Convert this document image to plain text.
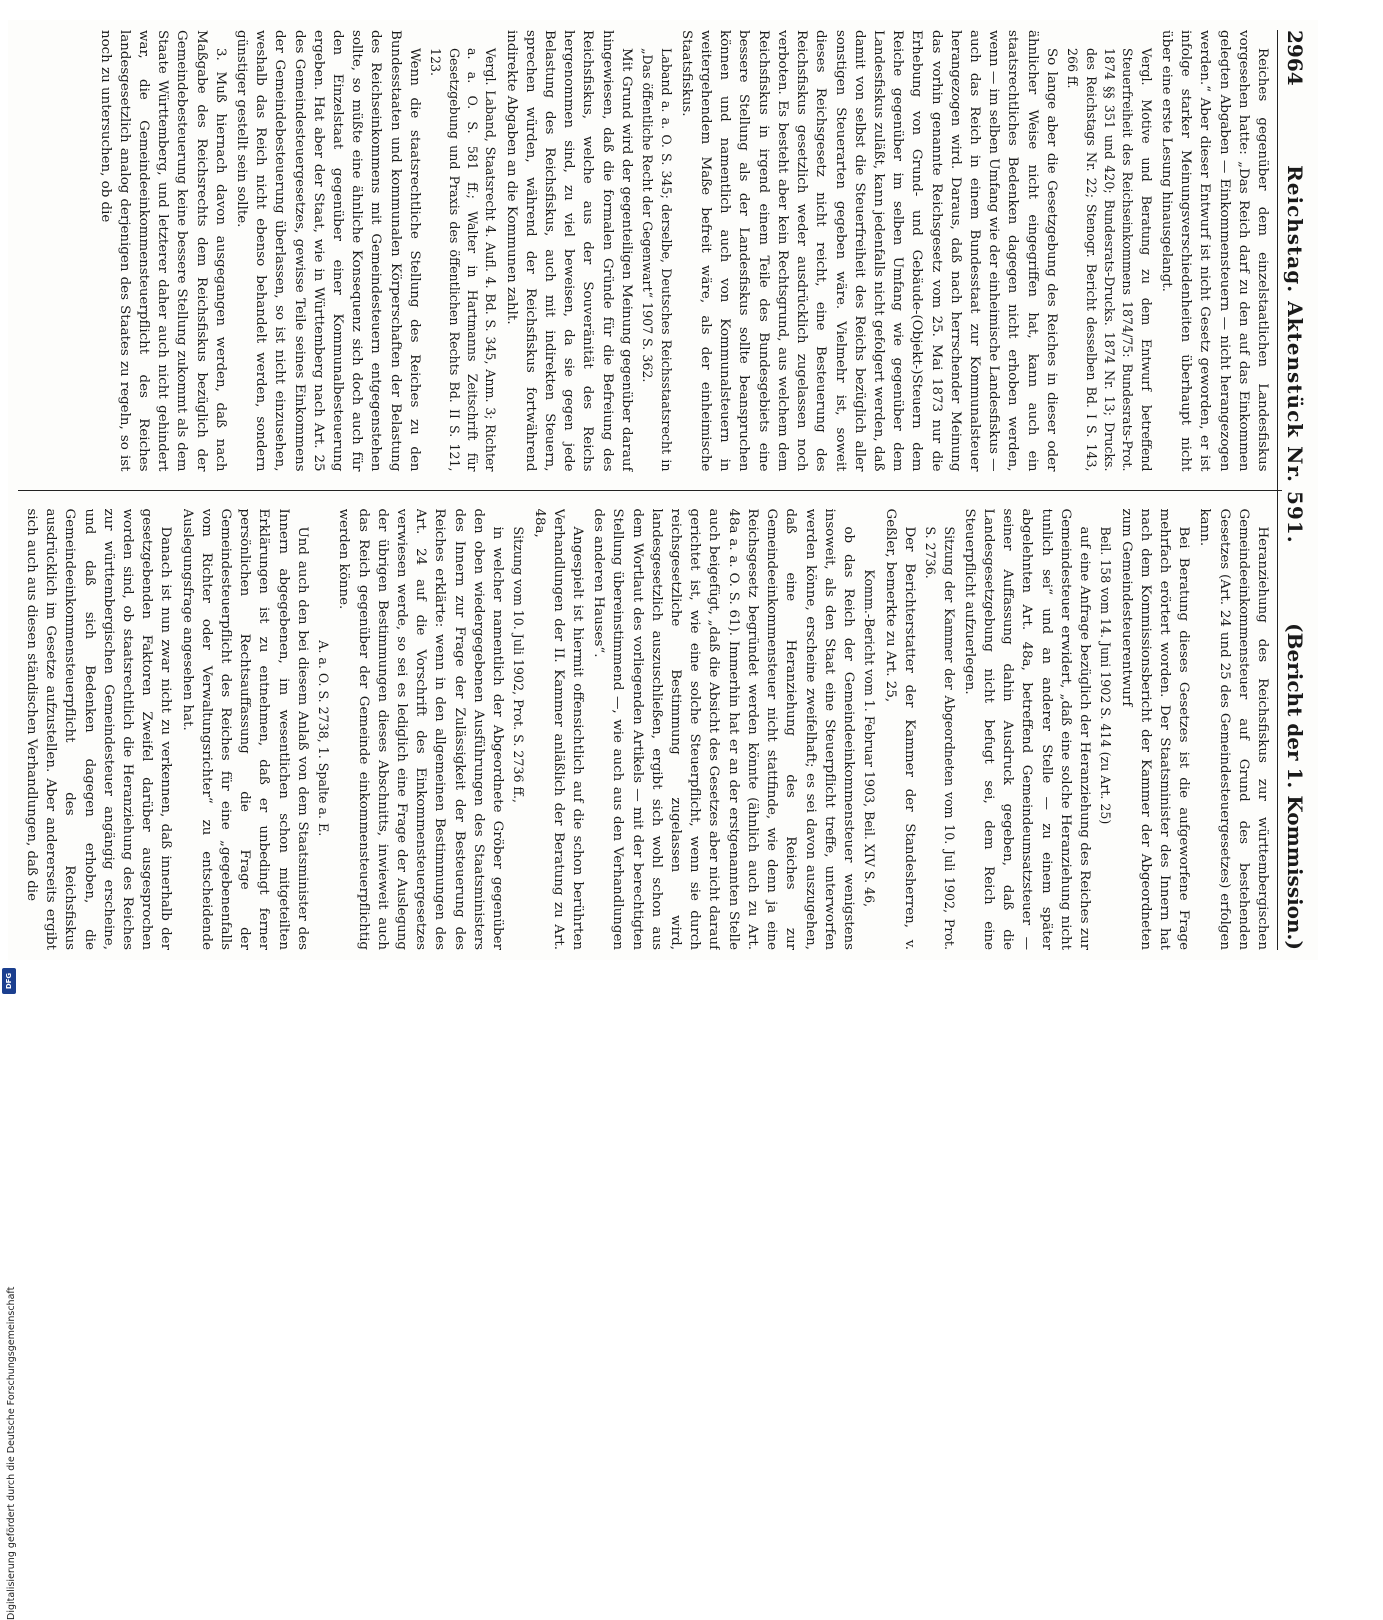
2964
Reichstag. Aktenstück Nr. 591.
(Bericht der 1. Kommission.)

Reiches gegenüber dem einzelstaatlichen Landesfiskus vorgesehen hatte: „Das Reich darf zu den auf das Einkommen gelegten Abgaben — Einkommensteuern — nicht herangezogen werden.“ Aber dieser Entwurf ist nicht Gesetz geworden, er ist infolge starker Meinungsverschiedenheiten überhaupt nicht über eine erste Lesung hinausgelangt.

Vergl. Motive und Beratung zu dem Entwurf betreffend Steuerfreiheit des Reichseinkommens 1874/75: Bundesrats-Prot. 1874 §§ 351 und 420; Bundesrats-Drucks. 1874 Nr. 13; Drucks. des Reichstags Nr. 22; Stenogr. Bericht desselben Bd. I S. 143, 266 ff.

So lange aber die Gesetzgebung des Reiches in dieser oder ähnlicher Weise nicht eingegriffen hat, kann auch ein staatsrechtliches Bedenken dagegen nicht erhoben werden, wenn — im selben Umfang wie der einheimische Landesfiskus — auch das Reich in einem Bundesstaat zur Kommunalsteuer herangezogen wird. Daraus, daß nach herrschender Meinung das vorhin genannte Reichsgesetz vom 25. Mai 1873 nur die Erhebung von Grund- und Gebäude-(Objekt-)Steuern dem Reiche gegenüber im selben Umfang wie gegenüber dem Landesfiskus zuläßt, kann jedenfalls nicht gefolgert werden, daß damit von selbst die Steuerfreiheit des Reichs bezüglich aller sonstigen Steuerarten gegeben wäre. Vielmehr ist, soweit dieses Reichsgesetz nicht reicht, eine Besteuerung des Reichsfiskus gesetzlich weder ausdrücklich zugelassen noch verboten. Es besteht aber kein Rechtsgrund, aus welchem dem Reichsfiskus in irgend einem Teile des Bundesgebiets eine bessere Stellung als der Landesfiskus sollte beanspruchen können und namentlich auch von Kommunalsteuern in weitergehendem Maße befreit wäre, als der einheimische Staatsfiskus.

Laband a. a. O. S. 345; derselbe, Deutsches Reichsstaatsrecht in „Das öffentliche Recht der Gegenwart“ 1907 S. 362.

Mit Grund wird der gegenteiligen Meinung gegenüber darauf hingewiesen, daß die formalen Gründe für die Befreiung des Reichsfiskus, welche aus der Souveränität des Reichs hergenommen sind, zu viel beweisen, da sie gegen jede Belastung des Reichsfiskus, auch mit indirekten Steuern, sprechen würden, während der Reichsfiskus fortwährend indirekte Abgaben an die Kommunen zahlt.

Vergl. Laband, Staatsrecht 4. Aufl. 4. Bd. S. 345, Anm. 3; Richter a. a. O. S. 581 ff.; Walter in Hartmanns Zeitschrift für Gesetzgebung und Praxis des öffentlichen Rechts Bd. II S. 121, 123.

Wenn die staatsrechtliche Stellung des Reiches zu den Bundesstaaten und kommunalen Körperschaften der Belastung des Reichseinkommens mit Gemeindesteuern entgegenstehen sollte, so müßte eine ähnliche Konsequenz sich doch auch für den Einzelstaat gegenüber einer Kommunalbesteuerung ergeben. Hat aber der Staat, wie in Württemberg nach Art. 25 des Gemeindesteuergesetzes, gewisse Teile seines Einkommens der Gemeindebesteuerung überlassen, so ist nicht einzusehen, weshalb das Reich nicht ebenso behandelt werden, sondern günstiger gestellt sein sollte.

3. Muß hiernach davon ausgegangen werden, daß nach Maßgabe des Reichsrechts dem Reichsfiskus bezüglich der Gemeindebesteuerung keine bessere Stellung zukommt als dem Staate Württemberg, und letzterer daher auch nicht gehindert war, die Gemeindeeinkommensteuerpflicht des Reiches landesgesetzlich analog derjenigen des Staates zu regeln, so ist noch zu untersuchen, ob die

Heranziehung des Reichsfiskus zur württembergischen Gemeindeeinkommensteuer auf Grund des bestehenden Gesetzes (Art. 24 und 25 des Gemeindesteuergesetzes) erfolgen kann.

Bei Beratung dieses Gesetzes ist die aufgeworfene Frage mehrfach erörtert worden. Der Staatsminister des Innern hat nach dem Kommissionsbericht der Kammer der Abgeordneten zum Gemeindesteuerentwurf

Beil. 158 vom 14. Juni 1902 S. 414 (zu Art. 25)

auf eine Anfrage bezüglich der Heranziehung des Reiches zur Gemeindesteuer erwidert, „daß eine solche Heranziehung nicht tunlich sei“ und an anderer Stelle — zu einem später abgelehnten Art. 48a, betreffend Gemeindeumsatzsteuer — seiner Auffassung dahin Ausdruck gegeben, daß die Landesgesetzgebung nicht befugt sei, dem Reich eine Steuerpflicht aufzuerlegen.

Sitzung der Kammer der Abgeordneten vom 10. Juli 1902, Prot. S. 2736.

Der Berichterstatter der Kammer der Standesherren, v. Geßler, bemerkte zu Art. 25,

Komm.-Bericht vom 1. Februar 1903, Beil. XIV S. 46,

ob das Reich der Gemeindeeinkommensteuer wenigstens insoweit, als den Staat eine Steuerpflicht treffe, unterworfen werden könne, erscheine zweifelhaft; es sei davon auszugehen, daß eine Heranziehung des Reiches zur Gemeindeeinkommensteuer nicht stattfinde, wie denn ja eine Reichsgesetz begründet werden könnte (ähnlich auch zu Art. 48a a. a. O. S. 61). Immerhin hat er an der erstgenannten Stelle auch beigefügt, „daß die Absicht des Gesetzes aber nicht darauf gerichtet ist, wie eine solche Steuerpflicht, wenn sie durch reichsgesetzliche Bestimmung zugelassen wird, landesgesetzlich auszuschließen, ergibt sich wohl schon aus dem Wortlaut des vorliegenden Artikels — mit der berechtigten Stellung übereinstimmend —, wie auch aus den Verhandlungen des anderen Hauses“.

Angespielt ist hiermit offensichtlich auf die schon berührten Verhandlungen der II. Kammer anläßlich der Beratung zu Art. 48a,

Sitzung vom 10. Juli 1902, Prot. S. 2736 ff.,

in welcher namentlich der Abgeordnete Gröber gegenüber den oben wiedergegebenen Ausführungen des Staatsministers des Innern zur Frage der Zulässigkeit der Besteuerung des Reiches erklärte: wenn in den allgemeinen Bestimmungen des Art. 24 auf die Vorschrift des Einkommensteuergesetzes verwiesen werde, so sei es lediglich eine Frage der Auslegung der übrigen Bestimmungen dieses Abschnitts, inwieweit auch das Reich gegenüber der Gemeinde einkommensteuerpflichtig werden könne.

A. a. O. S. 2738, 1. Spalte a. E.

Und auch den bei diesem Anlaß von dem Staatsminister des Innern abgegebenen, im wesentlichen schon mitgeteilten Erklärungen ist zu entnehmen, daß er unbedingt ferner persönlichen Rechtsauffassung die Frage der Gemeindesteuerpflicht des Reiches für eine „gegebenenfalls vom Richter oder Verwaltungsrichter“ zu entscheidende Auslegungsfrage angesehen hat.

Danach ist nun zwar nicht zu verkennen, daß innerhalb der gesetzgebenden Faktoren Zweifel darüber ausgesprochen worden sind, ob staatsrechtlich die Heranziehung des Reiches zur württembergischen Gemeindesteuer angängig erscheine, und daß sich Bedenken dagegen erhoben, die Gemeindeeinkommensteuerpflicht des Reichsfiskus ausdrücklich im Gesetze aufzustellen. Aber andererseits ergibt sich auch aus diesen ständischen Verhandlungen, daß die

Digitalisierung gefördert durch die Deutsche Forschungsgemeinschaft
DFG
